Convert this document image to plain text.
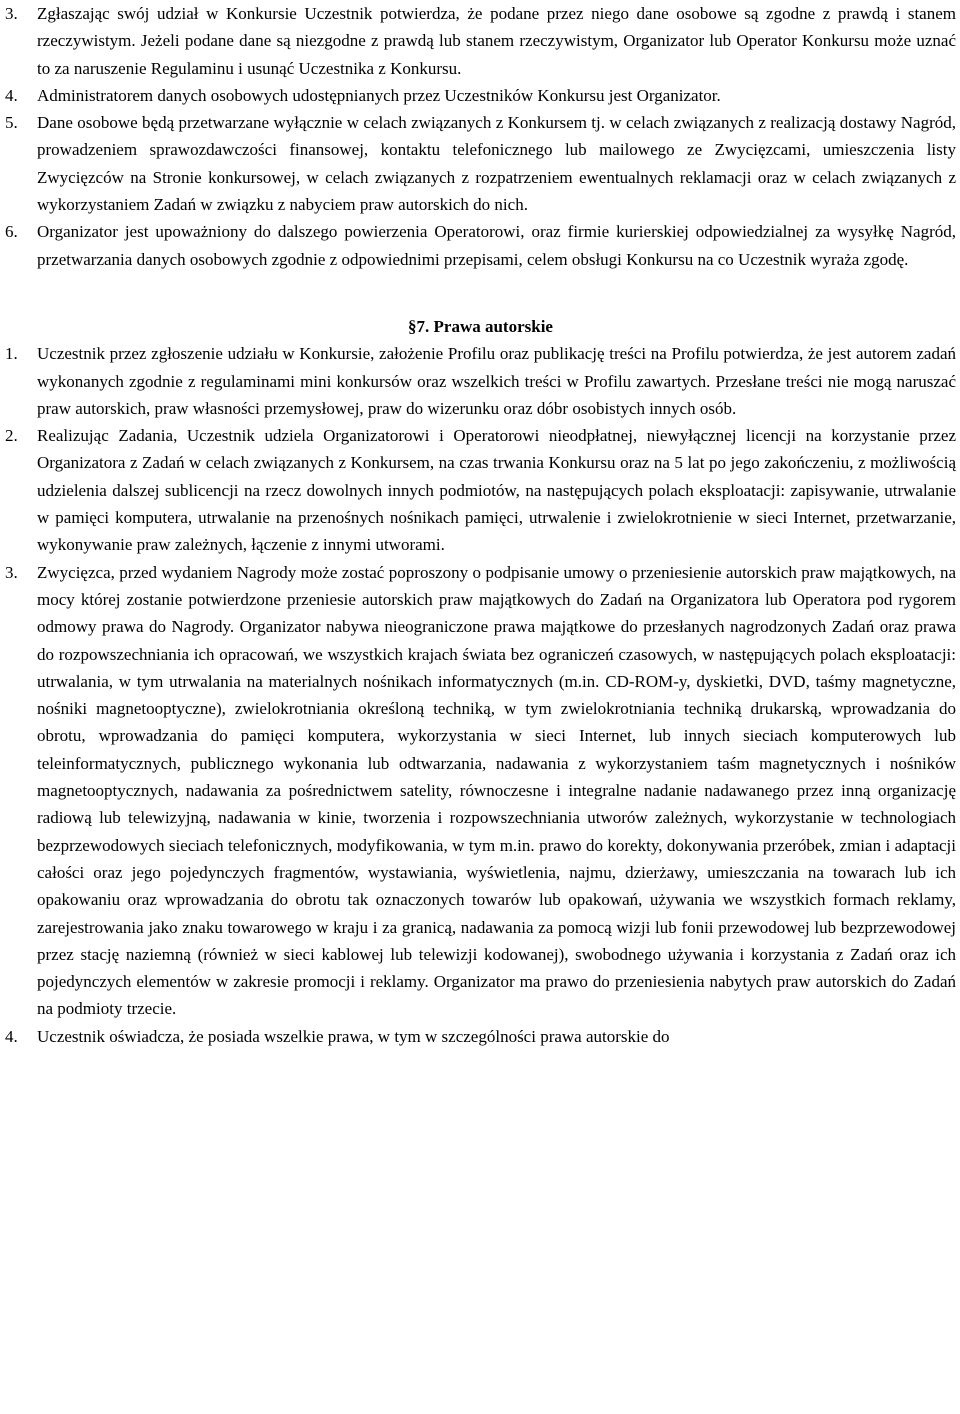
3.	Zgłaszając swój udział w Konkursie Uczestnik potwierdza, że podane przez niego dane osobowe są zgodne z prawdą i stanem rzeczywistym. Jeżeli podane dane są niezgodne z prawdą lub stanem rzeczywistym, Organizator lub Operator Konkursu może uznać to za naruszenie Regulaminu i usunąć Uczestnika z Konkursu.
4.	Administratorem danych osobowych udostępnianych przez Uczestników Konkursu jest Organizator.
5.	Dane osobowe będą przetwarzane wyłącznie w celach związanych z Konkursem tj. w celach związanych z realizacją dostawy Nagród, prowadzeniem sprawozdawczości finansowej, kontaktu telefonicznego lub mailowego ze Zwycięzcami, umieszczenia listy Zwycięzców na Stronie konkursowej, w celach związanych z rozpatrzeniem ewentualnych reklamacji oraz w celach związanych z wykorzystaniem Zadań w związku z nabyciem praw autorskich do nich.
6.	Organizator jest upoważniony do dalszego powierzenia Operatorowi, oraz firmie kurierskiej odpowiedzialnej za wysyłkę Nagród, przetwarzania danych osobowych zgodnie z odpowiednimi przepisami, celem obsługi Konkursu na co Uczestnik wyraża zgodę.
§7. Prawa autorskie
1.	Uczestnik przez zgłoszenie udziału w Konkursie, założenie Profilu oraz publikację treści na Profilu potwierdza, że jest autorem zadań wykonanych zgodnie z regulaminami mini konkursów oraz wszelkich treści w Profilu zawartych. Przesłane treści nie mogą naruszać praw autorskich, praw własności przemysłowej, praw do wizerunku oraz dóbr osobistych innych osób.
2.	Realizując Zadania, Uczestnik udziela Organizatorowi i Operatorowi nieodpłatnej, niewyłącznej licencji na korzystanie przez Organizatora z Zadań w celach związanych z Konkursem, na czas trwania Konkursu oraz na 5 lat po jego zakończeniu, z możliwością udzielenia dalszej sublicencji na rzecz dowolnych innych podmiotów, na następujących polach eksploatacji: zapisywanie, utrwalanie w pamięci komputera, utrwalanie na przenośnych nośnikach pamięci, utrwalenie i zwielokrotnienie w sieci Internet, przetwarzanie, wykonywanie praw zależnych, łączenie z innymi utworami.
3.	Zwycięzca, przed wydaniem Nagrody może zostać poproszony o podpisanie umowy o przeniesienie autorskich praw majątkowych, na mocy której zostanie potwierdzone przeniesie autorskich praw majątkowych do Zadań na Organizatora lub Operatora pod rygorem odmowy prawa do Nagrody. Organizator nabywa nieograniczone prawa majątkowe do przesłanych nagrodzonych Zadań oraz prawa do rozpowszechniania ich opracowań, we wszystkich krajach świata bez ograniczeń czasowych, w następujących polach eksploatacji: utrwalania, w tym utrwalania na materialnych nośnikach informatycznych (m.in. CD-ROM-y, dyskietki, DVD, taśmy magnetyczne, nośniki magnetooptyczne), zwielokrotniania określoną techniką, w tym zwielokrotniania techniką drukarską, wprowadzania do obrotu, wprowadzania do pamięci komputera, wykorzystania w sieci Internet, lub innych sieciach komputerowych lub teleinformatycznych, publicznego wykonania lub odtwarzania, nadawania z wykorzystaniem taśm magnetycznych i nośników magnetooptycznych, nadawania za pośrednictwem satelity, równoczesne i integralne nadanie nadawanego przez inną organizację radiową lub telewizyjną, nadawania w kinie, tworzenia i rozpowszechniania utworów zależnych, wykorzystanie w technologiach bezprzewodowych sieciach telefonicznych, modyfikowania, w tym m.in. prawo do korekty, dokonywania przeróbek, zmian i adaptacji całości oraz jego pojedynczych fragmentów, wystawiania, wyświetlenia, najmu, dzierżawy, umieszczania na towarach lub ich opakowaniu oraz wprowadzania do obrotu tak oznaczonych towarów lub opakowań, używania we wszystkich formach reklamy, zarejestrowania jako znaku towarowego w kraju i za granicą, nadawania za pomocą wizji lub fonii przewodowej lub bezprzewodowej przez stację naziemną (również w sieci kablowej lub telewizji kodowanej), swobodnego używania i korzystania z Zadań oraz ich pojedynczych elementów w zakresie promocji i reklamy. Organizator ma prawo do przeniesienia nabytych praw autorskich do Zadań na podmioty trzecie.
4.	Uczestnik oświadcza, że posiada wszelkie prawa, w tym w szczególności prawa autorskie do
